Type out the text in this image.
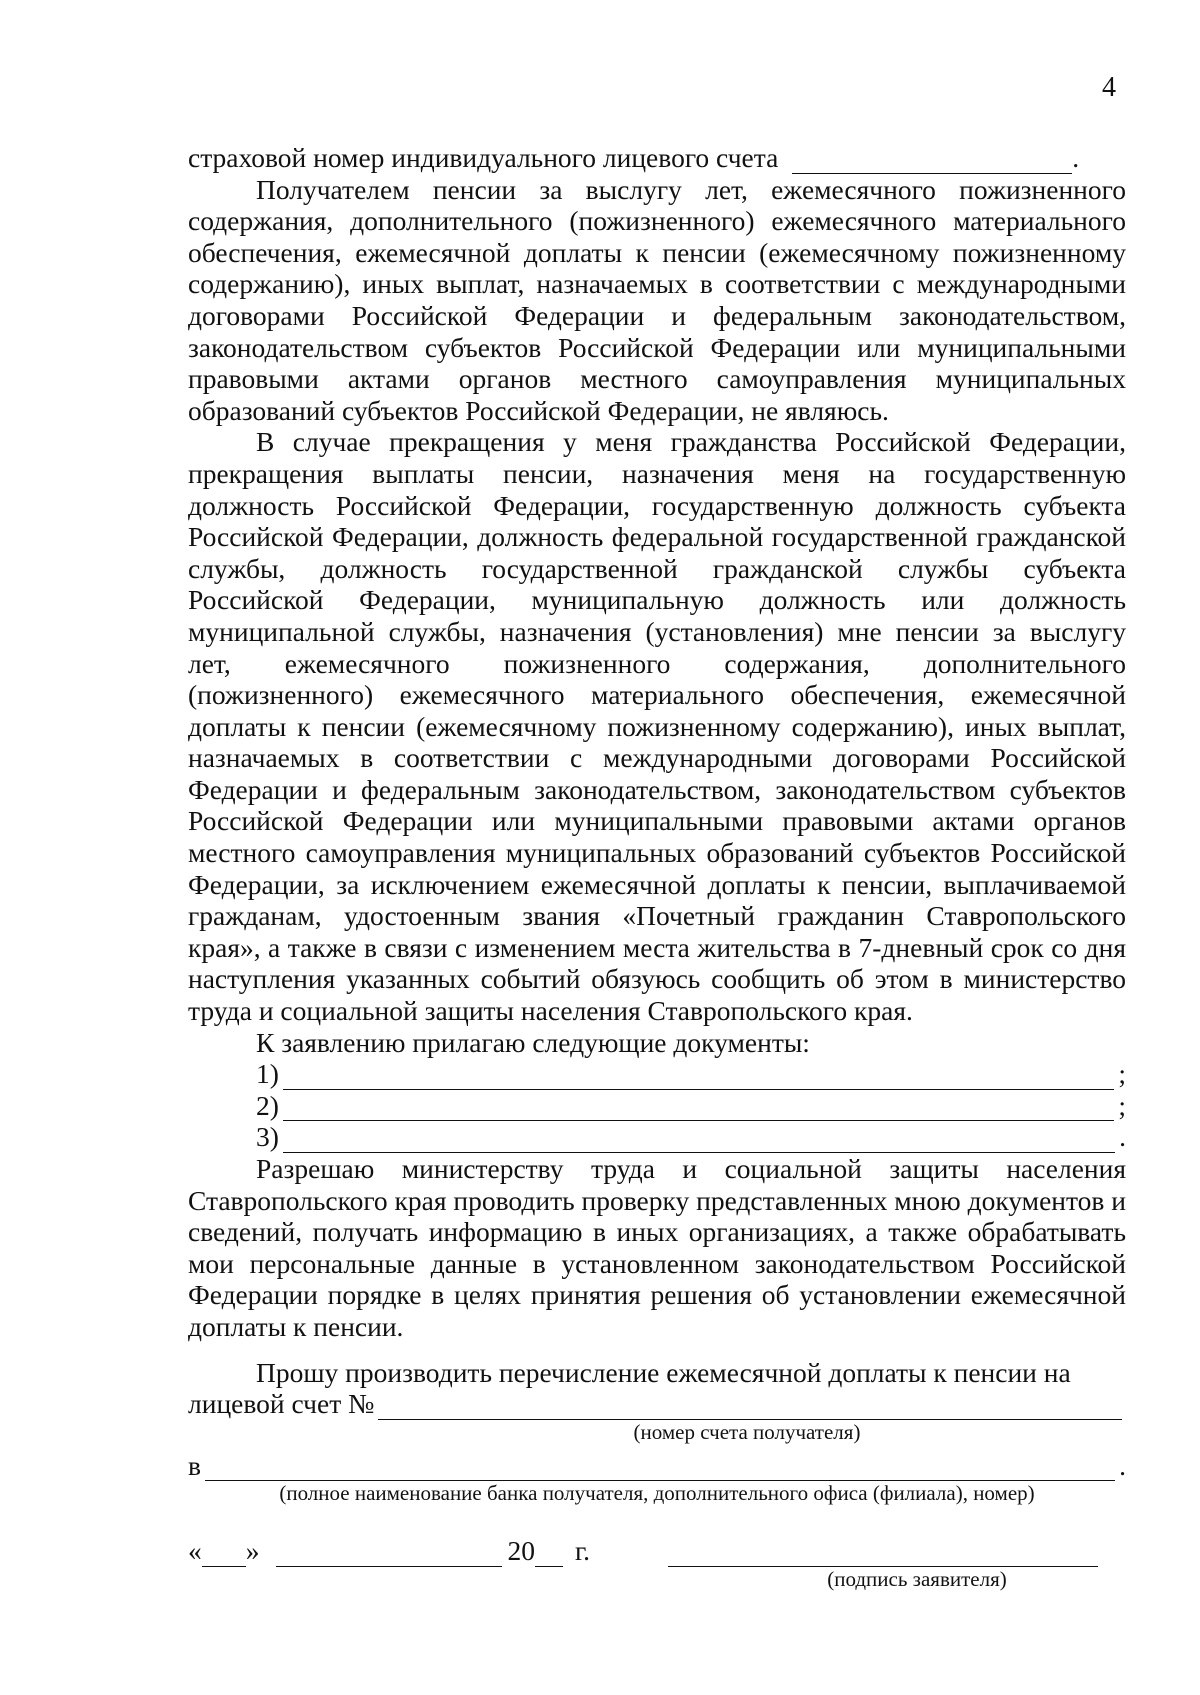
4
страховой номер индивидуального лицевого счета	.

Получателем пенсии за выслугу лет, ежемесячного пожизненного содержания, дополнительного (пожизненного) ежемесячного материального обеспечения, ежемесячной доплаты к пенсии (ежемесячному пожизненному содержанию), иных выплат, назначаемых в соответствии с международными договорами Российской Федерации и федеральным законодательством, законодательством субъектов Российской Федерации или муниципальными правовыми актами органов местного самоуправления муниципальных образований субъектов Российской Федерации, не являюсь.

В случае прекращения у меня гражданства Российской Федерации, прекращения выплаты пенсии, назначения меня на государственную должность Российской Федерации, государственную должность субъекта Российской Федерации, должность федеральной государственной гражданской службы, должность государственной гражданской службы субъекта Российской Федерации, муниципальную должность или должность муниципальной службы, назначения (установления) мне пенсии за выслугу лет, ежемесячного пожизненного содержания, дополнительного (пожизненного) ежемесячного материального обеспечения, ежемесячной доплаты к пенсии (ежемесячному пожизненному содержанию), иных выплат, назначаемых в соответствии с международными договорами Российской Федерации и федеральным законодательством, законодательством субъектов Российской Федерации или муниципальными правовыми актами органов местного самоуправления муниципальных образований субъектов Российской Федерации, за исключением ежемесячной доплаты к пенсии, выплачиваемой гражданам, удостоенным звания «Почетный гражданин Ставропольского края», а также в связи с изменением места жительства в 7-дневный срок со дня наступления указанных событий обязуюсь сообщить об этом в министерство труда и социальной защиты населения Ставропольского края.

К заявлению прилагаю следующие документы:

1)	;
2)	;
3)	.

Разрешаю министерству труда и социальной защиты населения Ставропольского края проводить проверку представленных мною документов и сведений, получать информацию в иных организациях, а также обрабатывать мои персональные данные в установленном законодательством Российской Федерации порядке в целях принятия решения об установлении ежемесячной доплаты к пенсии.

Прошу производить перечисление ежемесячной доплаты к пенсии на

лицевой счет №
(номер счета получателя)
в	.
(полное наименование банка получателя, дополнительного офиса (филиала), номер)
« »	20 г.
(подпись заявителя)
